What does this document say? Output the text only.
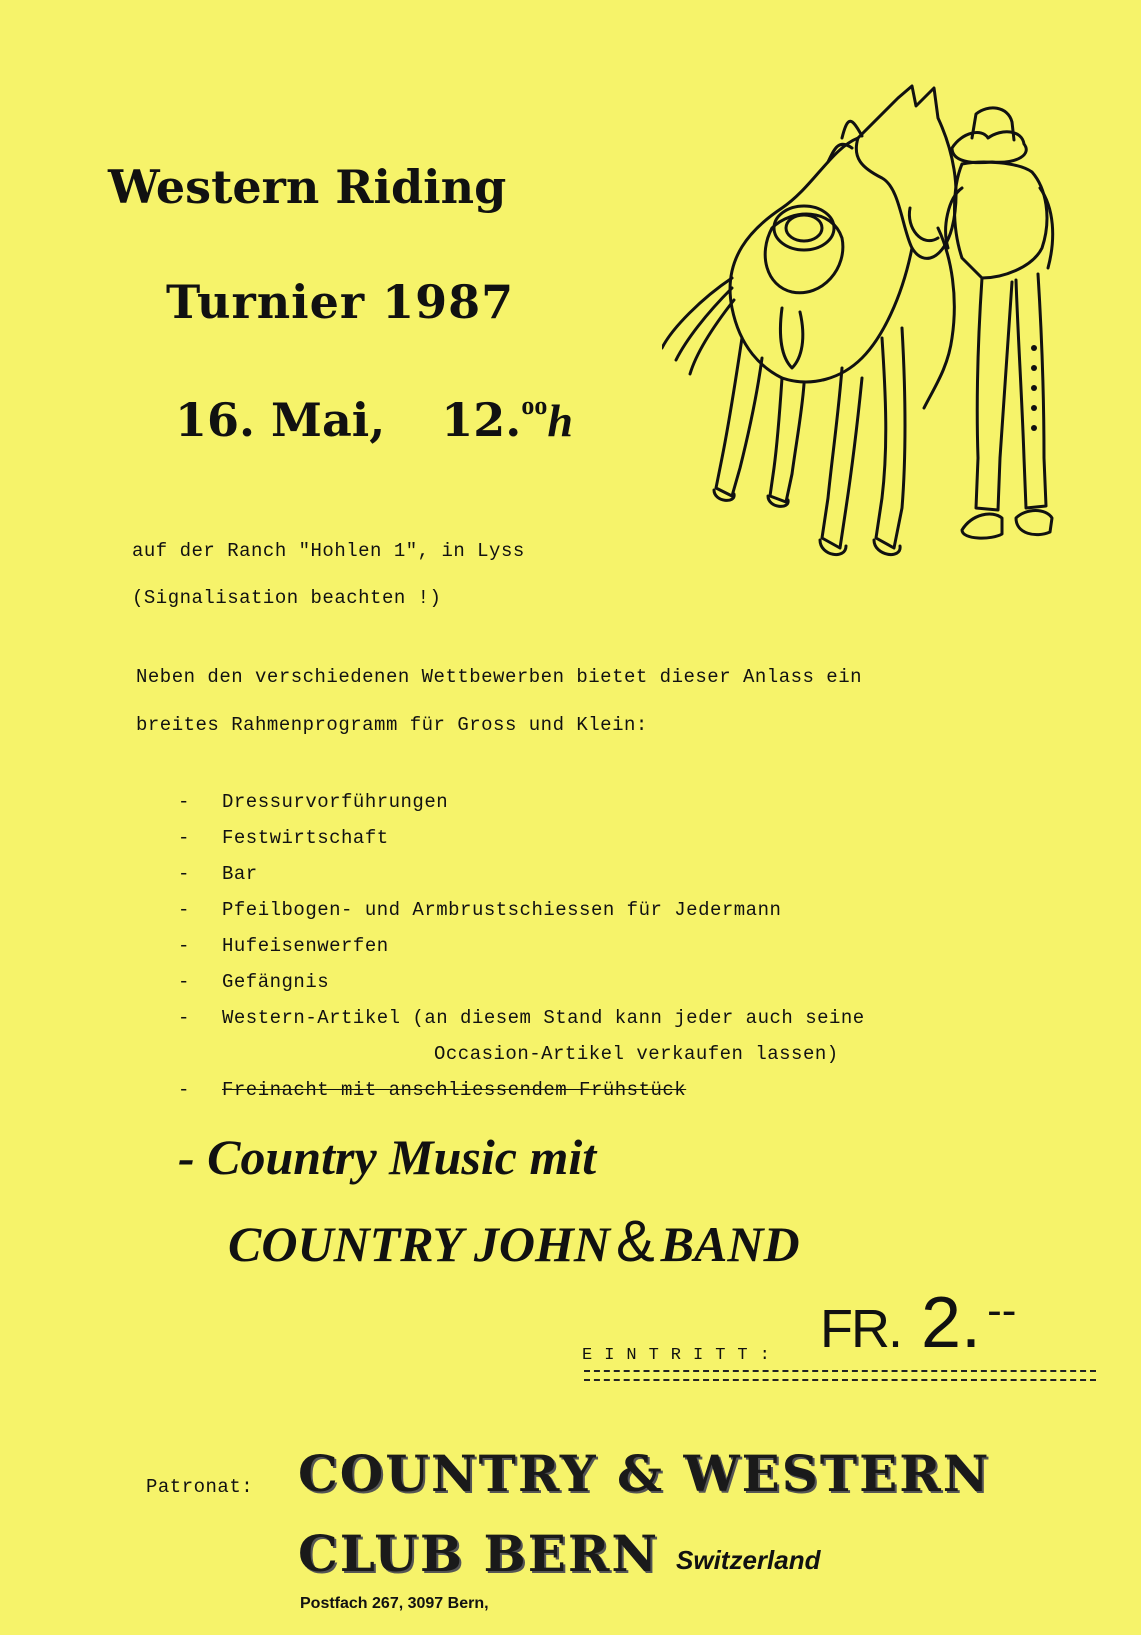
Western Riding
Turnier 1987
16. Mai, 12.$^{oo}$h
auf der Ranch "Hohlen 1", in Lyss
(Signalisation beachten !)
Neben den verschiedenen Wettbewerben bietet dieser Anlass ein
breites Rahmenprogramm für Gross und Klein:
- Dressurvorführungen
- Festwirtschaft
- Bar
- Pfeilbogen- und Armbrustschiessen für Jedermann
- Hufeisenwerfen
- Gefängnis
- Western-Artikel (an diesem Stand kann jeder auch seine
Occasion-Artikel verkaufen lassen)
- Freinacht mit anschliessendem Frühstück
- Country Music mit
COUNTRY JOHN & BAND
EINTRITT: FR. 2. --
Patronat: COUNTRY & WESTERN
CLUB BERN Switzerland
Postfach 267, 3097 Bern,
